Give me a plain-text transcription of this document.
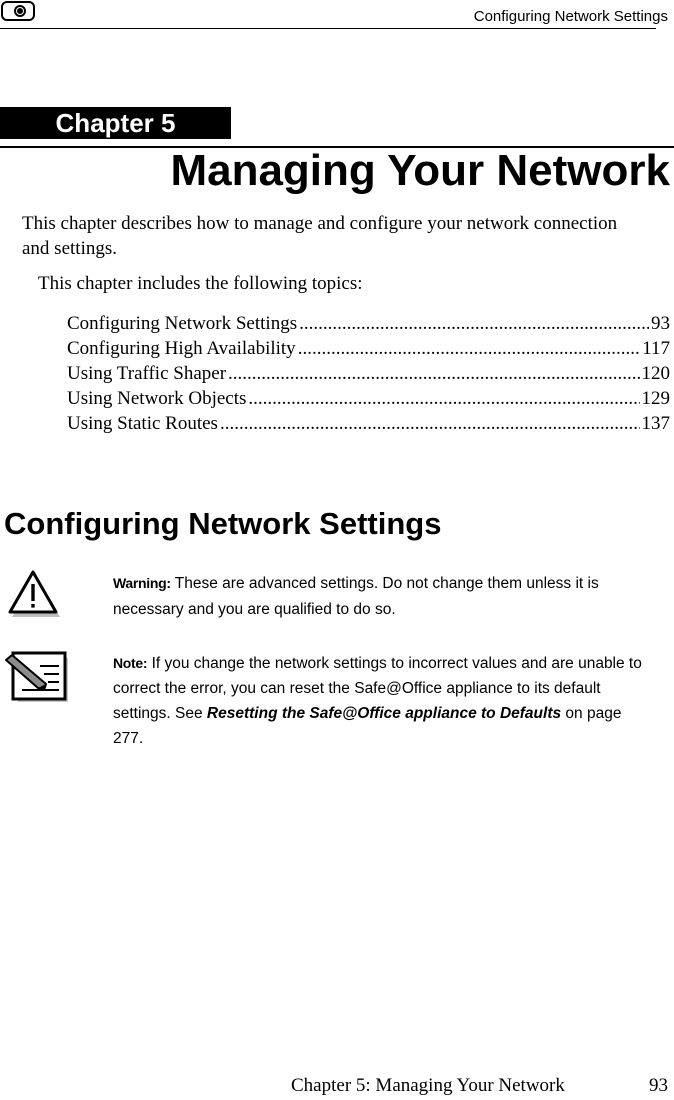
Configuring Network Settings
Chapter 5
Managing Your Network

This chapter describes how to manage and configure your network connection and settings.

This chapter includes the following topics:

Configuring Network Settings .....	93
Configuring High Availability .....	117
Using Traffic Shaper .....	120
Using Network Objects .....	129
Using Static Routes .....	137
Configuring Network Settings

Warning: These are advanced settings. Do not change them unless it is necessary and you are qualified to do so.

Note: If you change the network settings to incorrect values and are unable to correct the error, you can reset the Safe@Office appliance to its default settings. See Resetting the Safe@Office appliance to Defaults on page 277.

Chapter 5: Managing Your Network	93
